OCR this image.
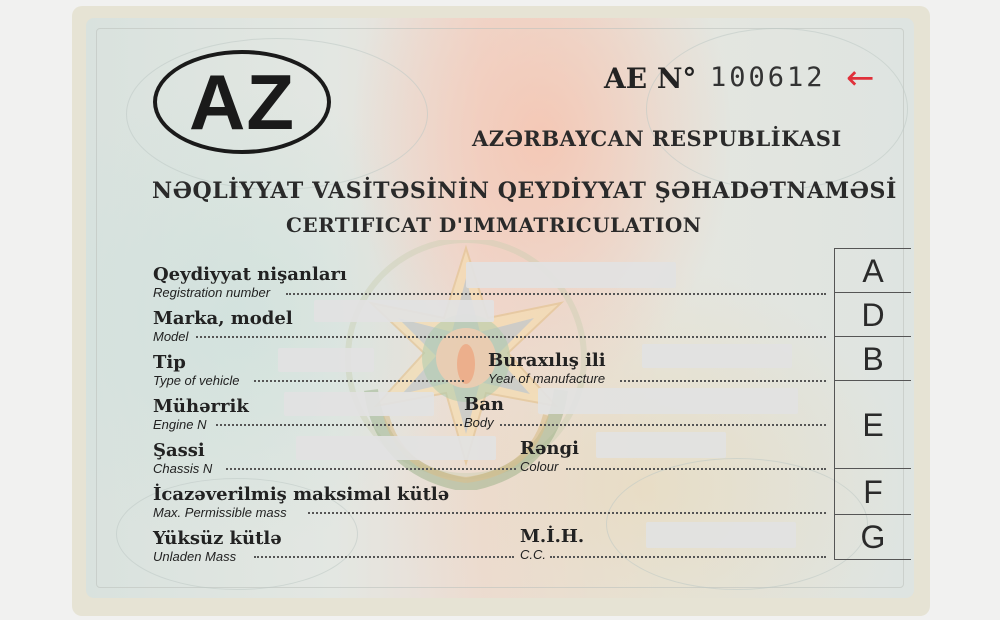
AZ	AE N° 100612 ←
AZƏRBAYCAN RESPUBLİKASI
NƏQLİYYAT VASİTƏSİNİN QEYDİYYAT ŞƏHADƏTNAMƏSİ
CERTIFICAT D'IMMATRICULATION
Qeydiyyat nişanları
Registration number
Marka, model
Model
Tip
Type of vehicle
Buraxılış ili
Year of manufacture
Mühərrik
Engine N
Ban
Body
Şassi
Chassis N
Rəngi
Colour
İcazəverilmiş maksimal kütlə
Max. Permissible mass
Yüksüz kütlə
Unladen Mass
M.İ.H.
C.C.
A
D
B
E
F
G
